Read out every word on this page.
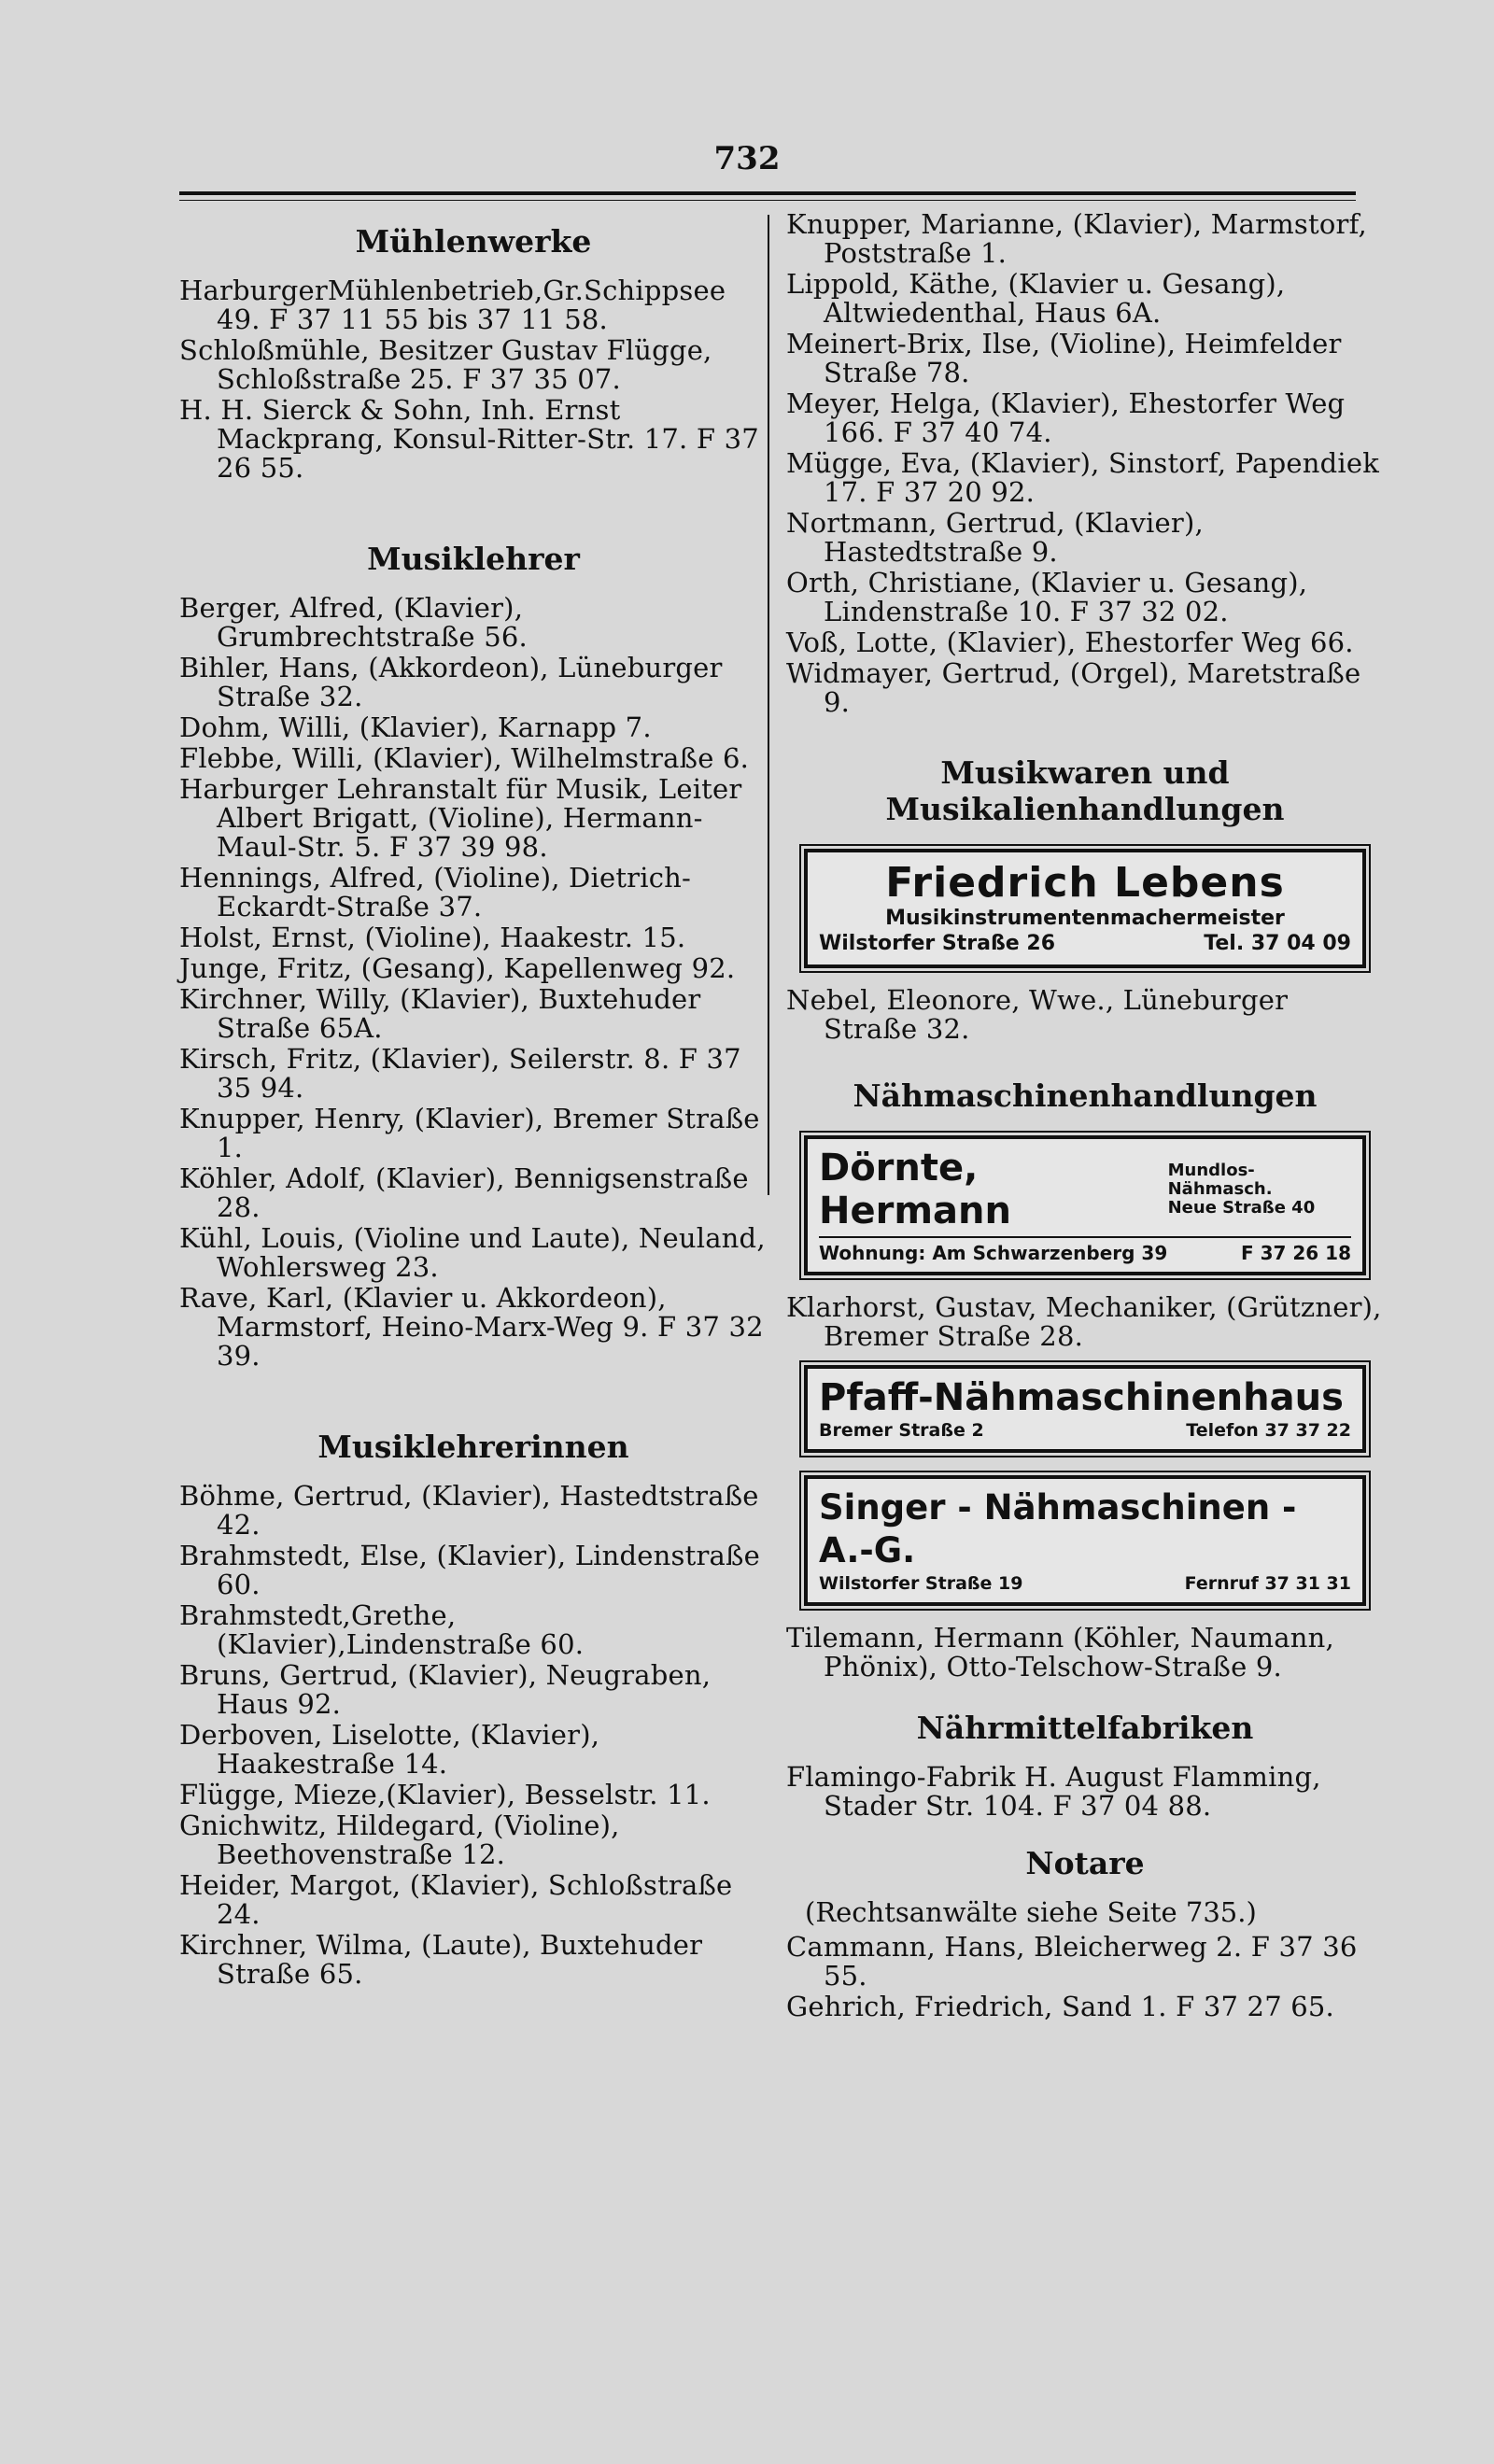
732
Mühlenwerke
HarburgerMühlenbetrieb,Gr.Schippsee 49. F 37 11 55 bis 37 11 58.
Schloßmühle, Besitzer Gustav Flügge, Schloßstraße 25. F 37 35 07.
H. H. Sierck & Sohn, Inh. Ernst Mackprang, Konsul-Ritter-Str. 17. F 37 26 55.
Musiklehrer
Berger, Alfred, (Klavier), Grumbrechtstraße 56.
Bihler, Hans, (Akkordeon), Lüneburger Straße 32.
Dohm, Willi, (Klavier), Karnapp 7.
Flebbe, Willi, (Klavier), Wilhelmstraße 6.
Harburger Lehranstalt für Musik, Leiter Albert Brigatt, (Violine), Hermann-Maul-Str. 5. F 37 39 98.
Hennings, Alfred, (Violine), Dietrich-Eckardt-Straße 37.
Holst, Ernst, (Violine), Haakestr. 15.
Junge, Fritz, (Gesang), Kapellenweg 92.
Kirchner, Willy, (Klavier), Buxtehuder Straße 65A.
Kirsch, Fritz, (Klavier), Seilerstr. 8. F 37 35 94.
Knupper, Henry, (Klavier), Bremer Straße 1.
Köhler, Adolf, (Klavier), Bennigsenstraße 28.
Kühl, Louis, (Violine und Laute), Neuland, Wohlersweg 23.
Rave, Karl, (Klavier u. Akkordeon), Marmstorf, Heino-Marx-Weg 9. F 37 32 39.
Musiklehrerinnen
Böhme, Gertrud, (Klavier), Hastedtstraße 42.
Brahmstedt, Else, (Klavier), Lindenstraße 60.
Brahmstedt,Grethe,(Klavier),Lindenstraße 60.
Bruns, Gertrud, (Klavier), Neugraben, Haus 92.
Derboven, Liselotte, (Klavier), Haakestraße 14.
Flügge, Mieze,(Klavier), Besselstr. 11.
Gnichwitz, Hildegard, (Violine), Beethovenstraße 12.
Heider, Margot, (Klavier), Schloßstraße 24.
Kirchner, Wilma, (Laute), Buxtehuder Straße 65.
Knupper, Marianne, (Klavier), Marmstorf, Poststraße 1.
Lippold, Käthe, (Klavier u. Gesang), Altwiedenthal, Haus 6A.
Meinert-Brix, Ilse, (Violine), Heimfelder Straße 78.
Meyer, Helga, (Klavier), Ehestorfer Weg 166. F 37 40 74.
Mügge, Eva, (Klavier), Sinstorf, Papendiek 17. F 37 20 92.
Nortmann, Gertrud, (Klavier), Hastedtstraße 9.
Orth, Christiane, (Klavier u. Gesang), Lindenstraße 10. F 37 32 02.
Voß, Lotte, (Klavier), Ehestorfer Weg 66.
Widmayer, Gertrud, (Orgel), Maretstraße 9.
Musikwaren und Musikalienhandlungen
Friedrich Lebens
Musikinstrumentenmachermeister
Wilstorfer Straße 26	Tel. 37 04 09
Nebel, Eleonore, Wwe., Lüneburger Straße 32.
Nähmaschinenhandlungen
Dörnte, Hermann
Mundlos-Nähmasch.
Neue Straße 40
Wohnung: Am Schwarzenberg 39	F 37 26 18
Klarhorst, Gustav, Mechaniker, (Grützner), Bremer Straße 28.
Pfaff-Nähmaschinenhaus
Bremer Straße 2	Telefon 37 37 22
Singer - Nähmaschinen - A.-G.
Wilstorfer Straße 19	Fernruf 37 31 31
Tilemann, Hermann (Köhler, Naumann, Phönix), Otto-Telschow-Straße 9.
Nährmittelfabriken
Flamingo-Fabrik H. August Flamming, Stader Str. 104. F 37 04 88.
Notare
(Rechtsanwälte siehe Seite 735.)
Cammann, Hans, Bleicherweg 2. F 37 36 55.
Gehrich, Friedrich, Sand 1. F 37 27 65.
